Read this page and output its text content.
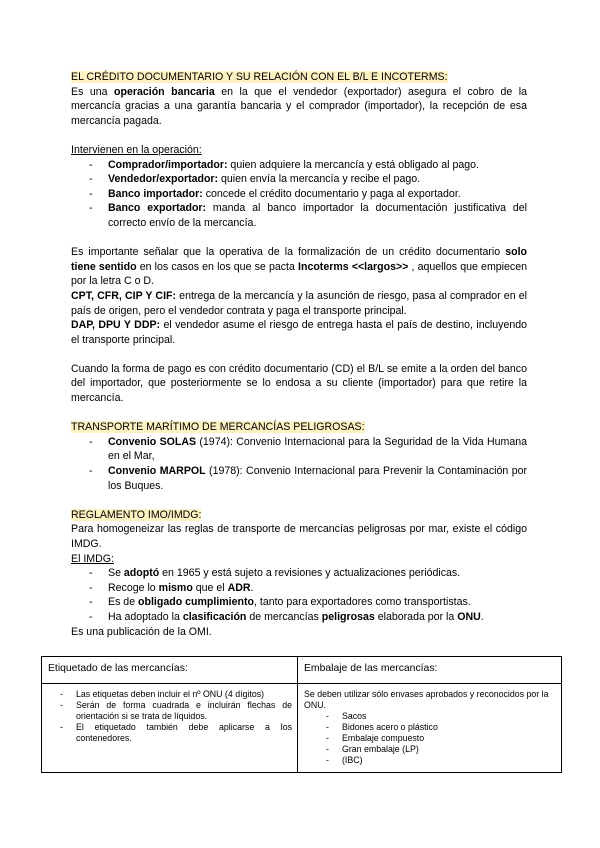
EL CRÉDITO DOCUMENTARIO Y SU RELACIÓN CON EL B/L E INCOTERMS:

Es una operación bancaria en la que el vendedor (exportador) asegura el cobro de la mercancía gracias a una garantía bancaria y el comprador (importador), la recepción de esa mercancía pagada.

Intervienen en la operación:

- Comprador/importador: quien adquiere la mercancía y está obligado al pago.
- Vendedor/exportador: quien envía la mercancía y recibe el pago.
- Banco importador: concede el crédito documentario y paga al exportador.
- Banco exportador: manda al banco importador la documentación justificativa del correcto envío de la mercancía.

Es importante señalar que la operativa de la formalización de un crédito documentario solo tiene sentido en los casos en los que se pacta Incoterms <<largos>> , aquellos que empiecen por la letra C o D.

CPT, CFR, CIP Y CIF: entrega de la mercancía y la asunción de riesgo, pasa al comprador en el país de origen, pero el vendedor contrata y paga el transporte principal.

DAP, DPU Y DDP: el vendedor asume el riesgo de entrega hasta el país de destino, incluyendo el transporte principal.

Cuando la forma de pago es con crédito documentario (CD) el B/L se emite a la orden del banco del importador, que posteriormente se lo endosa a su cliente (importador) para que retire la mercancía.

TRANSPORTE MARÍTIMO DE MERCANCÍAS PELIGROSAS:

- Convenio SOLAS (1974): Convenio Internacional para la Seguridad de la Vida Humana en el Mar,
- Convenio MARPOL (1978): Convenio Internacional para Prevenir la Contaminación por los Buques.

REGLAMENTO IMO/IMDG:

Para homogeneizar las reglas de transporte de mercancías peligrosas por mar, existe el código IMDG.

El IMDG:

- Se adoptó en 1965 y está sujeto a revisiones y actualizaciones periódicas.
- Recoge lo mismo que el ADR.
- Es de obligado cumplimiento, tanto para exportadores como transportistas.
- Ha adoptado la clasificación de mercancías peligrosas elaborada por la ONU.

Es una publicación de la OMI.

Etiquetado de las mercancías:	Embalaje de las mercancías:
- Las etiquetas deben incluir el nº ONU (4 dígitos)
- Serán de forma cuadrada e incluirán flechas de orientación si se trata de líquidos.
- El etiquetado también debe aplicarse a los contenedores.
Se deben utilizar sólo envases aprobados y reconocidos por la ONU.
- Sacos
- Bidones acero o plástico
- Embalaje compuesto
- Gran embalaje (LP)
- (IBC)
